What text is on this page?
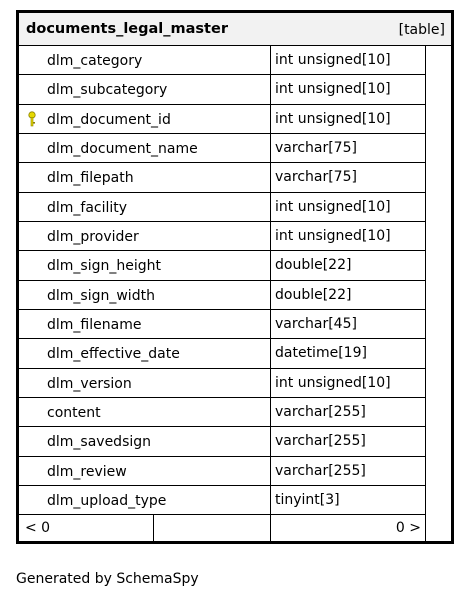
documents_legal_master	[table]
dlm_category	int unsigned[10]
dlm_subcategory	int unsigned[10]
dlm_document_id	int unsigned[10]
dlm_document_name	varchar[75]
dlm_filepath	varchar[75]
dlm_facility	int unsigned[10]
dlm_provider	int unsigned[10]
dlm_sign_height	double[22]
dlm_sign_width	double[22]
dlm_filename	varchar[45]
dlm_effective_date	datetime[19]
dlm_version	int unsigned[10]
content	varchar[255]
dlm_savedsign	varchar[255]
dlm_review	varchar[255]
dlm_upload_type	tinyint[3]
< 0	0 >
Generated by SchemaSpy
